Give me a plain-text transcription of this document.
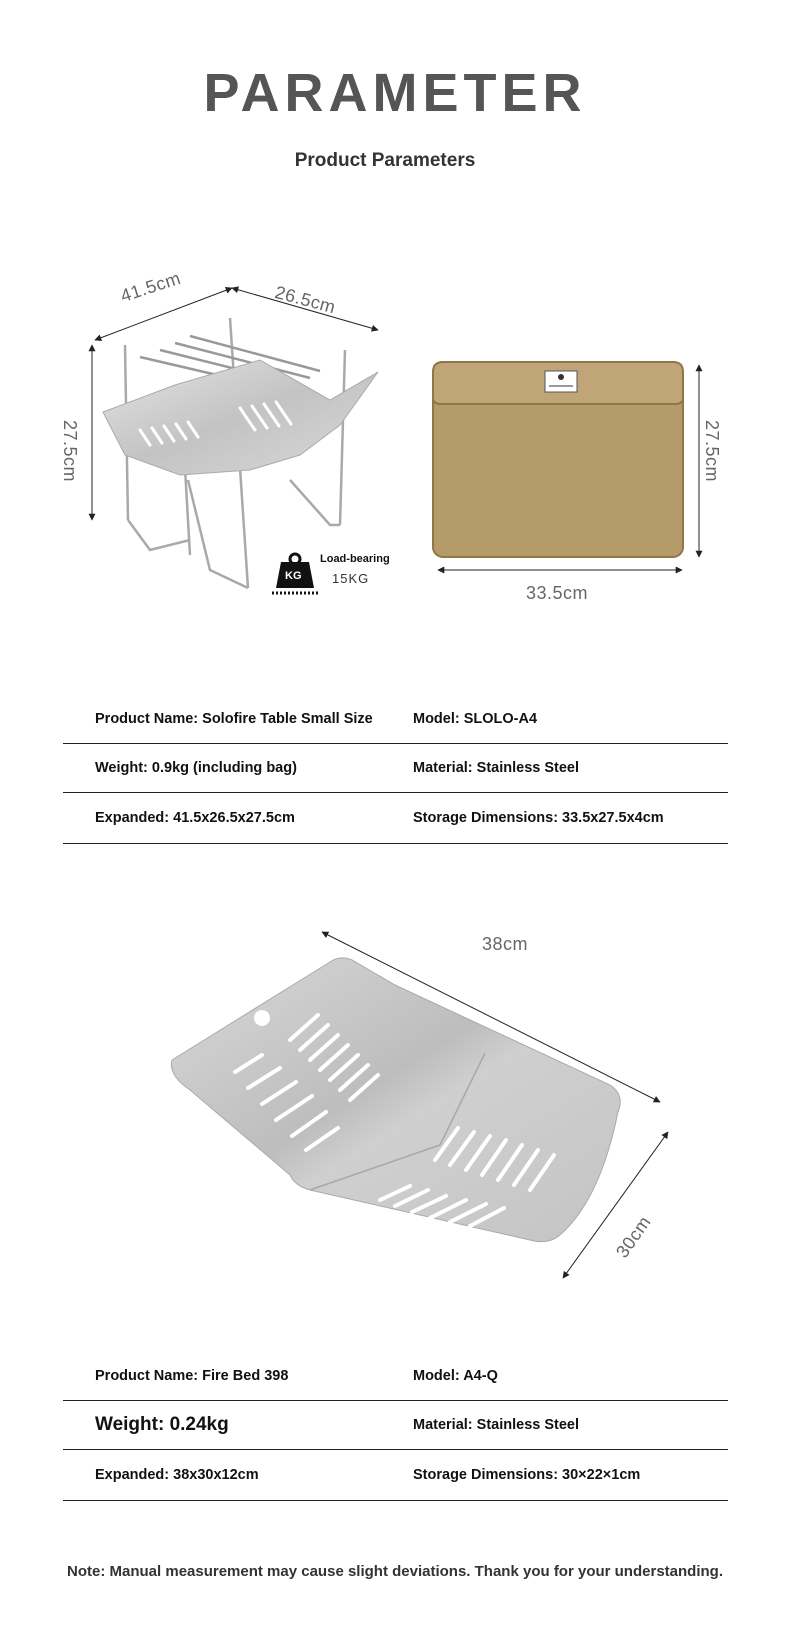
PARAMETER
Product Parameters
41.5cm	26.5cm
27.5cm
KG
Load-bearing
15KG
27.5cm
33.5cm
Product Name: Solofire Table Small Size	Model: SLOLO-A4
Weight: 0.9kg (including bag)	Material: Stainless Steel
Expanded: 41.5x26.5x27.5cm	Storage Dimensions: 33.5x27.5x4cm
38cm
30cm
Product Name: Fire Bed 398	Model: A4-Q
Weight: 0.24kg	Material: Stainless Steel
Expanded: 38x30x12cm	Storage Dimensions: 30×22×1cm
Note: Manual measurement may cause slight deviations. Thank you for your understanding.
